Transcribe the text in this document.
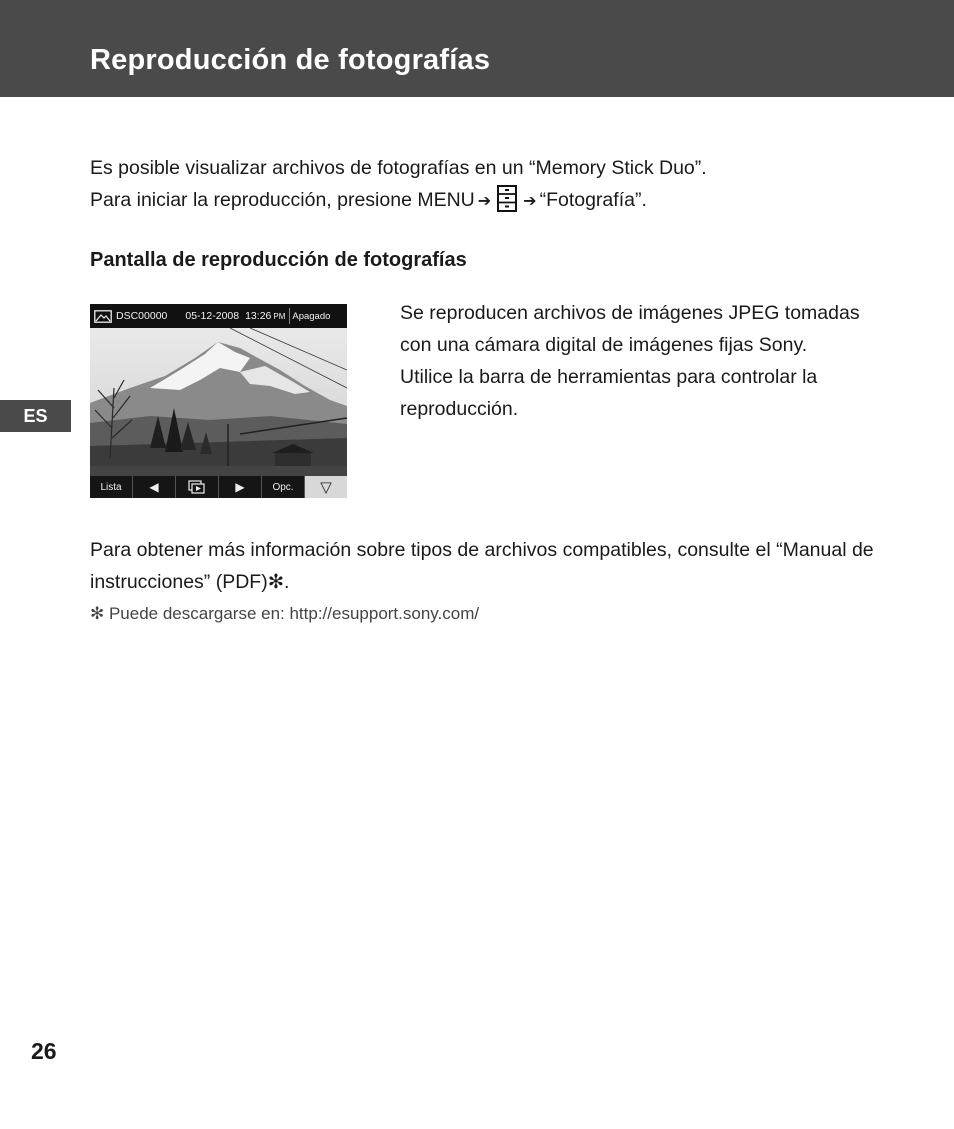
Reproducción de fotografías
ES

Es posible visualizar archivos de fotografías en un “Memory Stick Duo”.

Para iniciar la reproducción, presione MENU ➔ ➔ “Fotografía”.

Pantalla de reproducción de fotografías
DSC00000 05-12-2008 13:26 PM Apagado
Lista	◀	▶	Opc.	▽

Se reproducen archivos de imágenes JPEG tomadas con una cámara digital de imágenes fijas Sony.

Utilice la barra de herramientas para controlar la reproducción.

Para obtener más información sobre tipos de archivos compatibles, consulte el “Manual de instrucciones” (PDF)✻.

✻ Puede descargarse en: http://esupport.sony.com/
26
